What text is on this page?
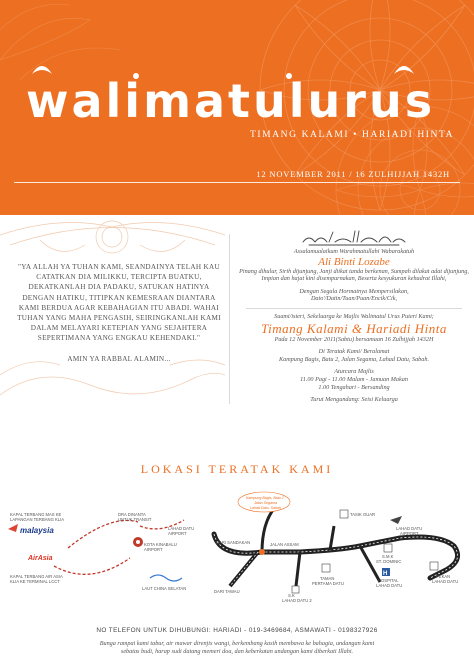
walimatulurus
TIMANG KALAMI • HARIADI HINTA
12 NOVEMBER 2011 / 16 ZULHIJJAH 1432H

"YA ALLAH YA TUHAN KAMI, SEANDAINYA TELAH KAU CATATKAN DIA MILIKKU, TERCIPTA BUATKU, DEKATKANLAH DIA PADAKU, SATUKAN HATINYA DENGAN HATIKU, TITIPKAN KEMESRAAN DIANTARA KAMI BERDUA AGAR KEBAHAGIAN ITU ABADI. WAHAI TUHAN YANG MAHA PENGASIH, SEIRINGKANLAH KAMI DALAM MELAYARI KETEPIAN YANG SEJAHTERA SEPERTIMANA YANG ENGKAU KEHENDAKI."

AMIN YA RABBAL ALAMIN...

Assalamualaikum Warahmatullahi Wabarakatuh
Ali Binti Lozabe
Pinang dihulur, Sirih dijunjung, Janji diikat tanda berkenan, Sumpah dilakat adat dijunjung,
Impian dan hajat kini disempurnakan, Beserta kesyukuran kehadrat Illahi,
Dengan Segala Hormatnya Mempersilakan,
Dato'/Datin/Tuan/Puan/Encik/Cik,
Suami/isteri, Sekeluarga ke Majlis Walimatul Urus Puteri Kami;
Timang Kalami & Hariadi Hinta
Pada 12 November 2011(Sabtu) bersamaan 16 Zulhijjah 1432H
Di Teratak Kami/ Beralamat
Kampung Bagis, Batu 2, Jalan Segama, Lahad Datu, Sabah.
Aturcara Majlis
11.00 Pagi - 11.00 Malam - Jamuan Makan
1.00 Tengahari - Bersanding
Turut Mengundang: Seisi Keluarga
LOKASI TERATAK KAMI
KAPAL TERBANG MAS KE
LAPANGAN TERBANG KLIA
malaysia
AirAsia
KAPAL TERBANG AIR ASIA
KLIA KE TERMINAL LCCT
DRA DINANTA
UNTUK TRANSIT
LAHAD DATU
AIRPORT
KOTA KINABALU
AIRPORT
LAUT CHINA SELATAN
Kampung Bagis, Batu 2
Jalan Segama
Lahad Datu, Sabah
DARI SANDAKAN	JALAN ASSAM
DARI TAWAU
TASIK GUAR
LAHAD DATU
AIRPORT
S.M.K
ST. DOMINIC
TAMAN
PERTAMA DATU
S.K
LAHAD DATU 2
H
HOSPITAL
LAHAD DATU
PEKAN
LAHAD DATU
NO TELEFON UNTUK DIHUBUNGI: HARIADI - 019-3469684, ASMAWATI - 0198327926
Bunga rampai kami tabur, air mawar direnjis wangi, berkembang kasih membawa ke bahagia, undangan kami sebatas budi, harap sudi datang memeri doa, dan keberkatan undangan kami diberkati Illahi.
